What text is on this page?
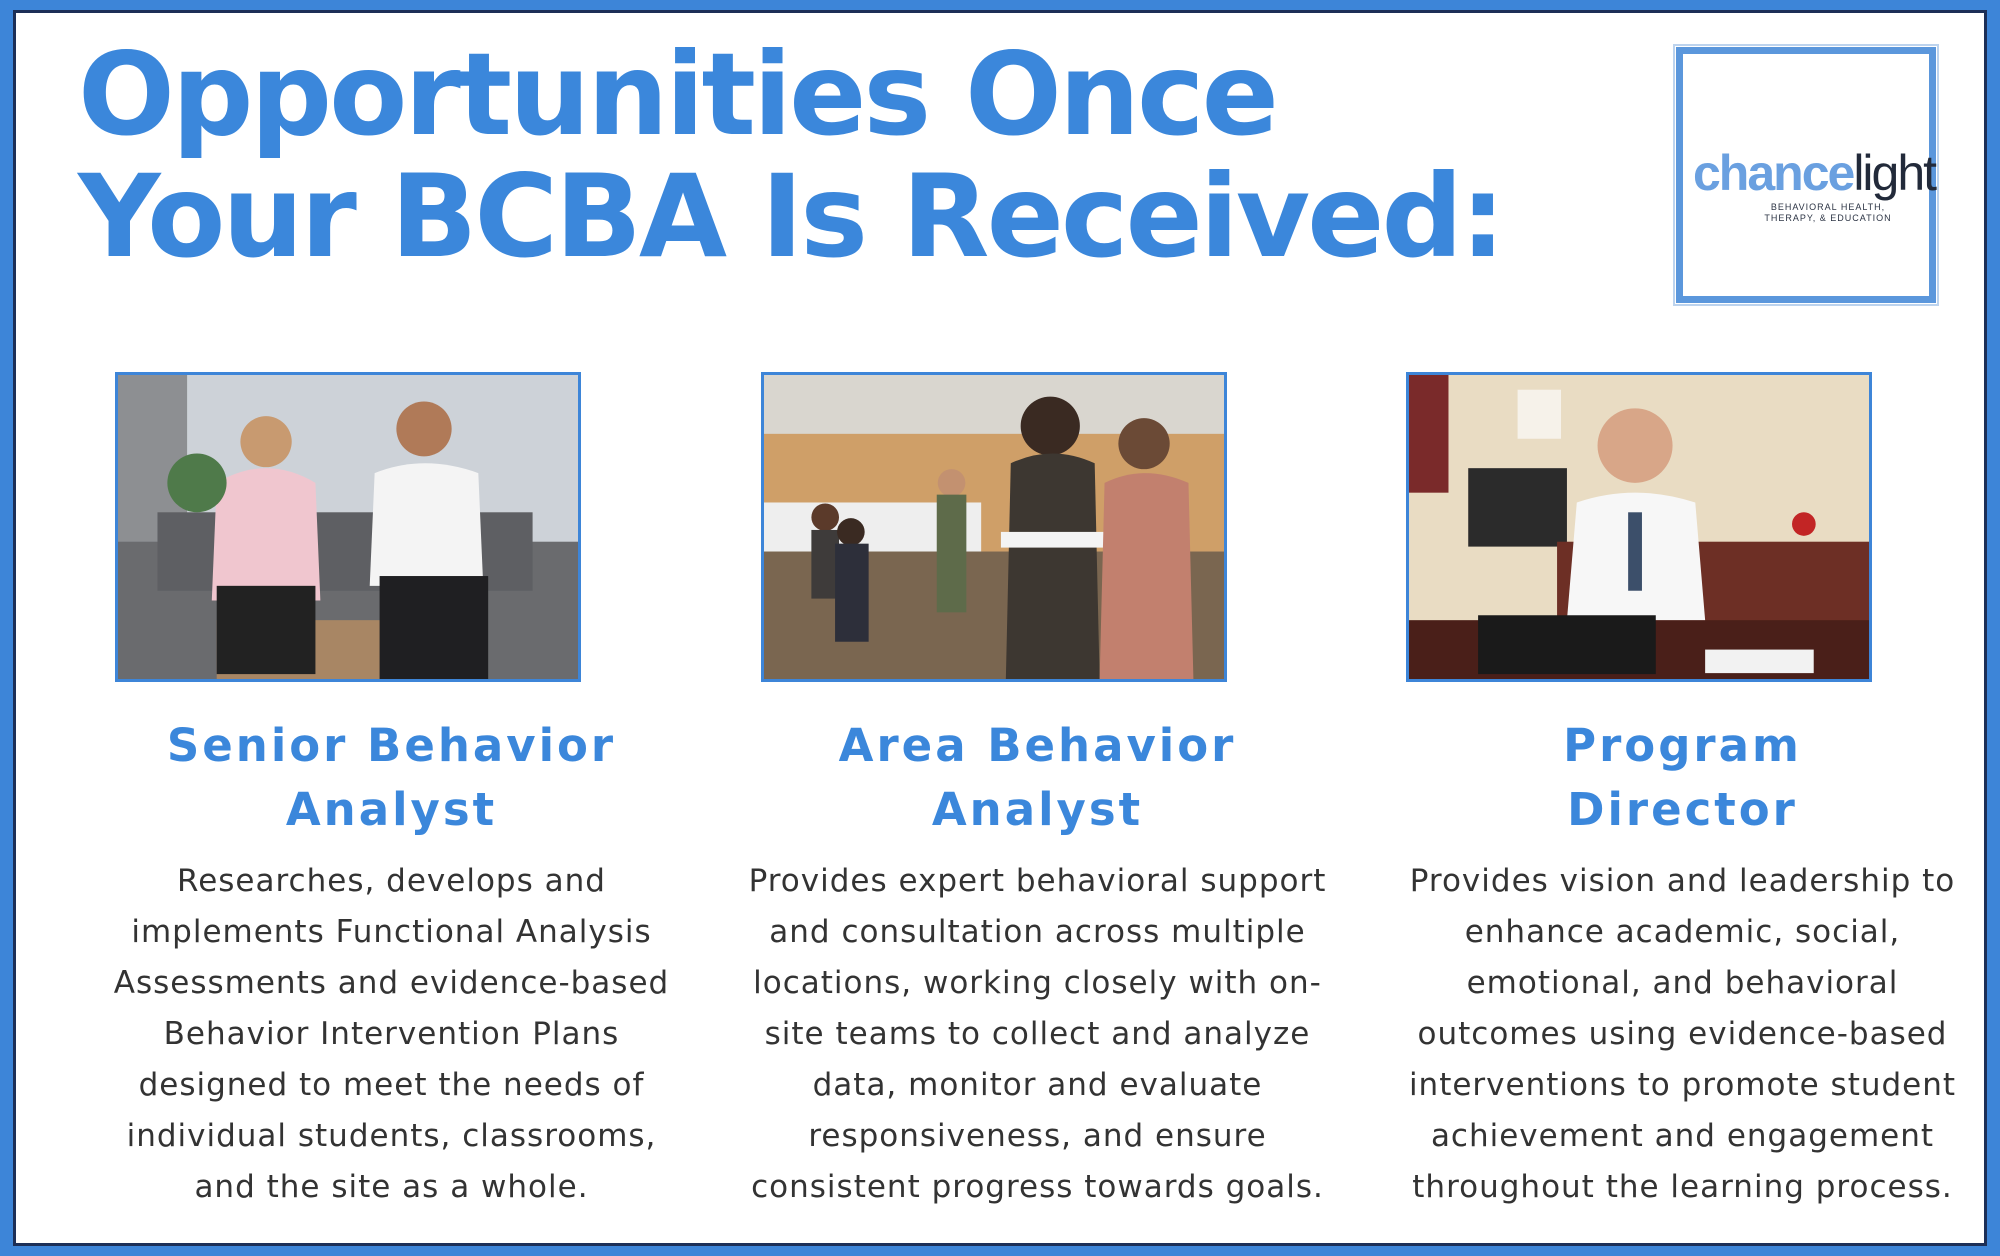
Opportunities Once
Your BCBA Is Received:	chancelight
BEHAVIORAL HEALTH,
THERAPY, & EDUCATION
Senior Behavior
Analyst

Researches, develops and
implements Functional Analysis
Assessments and evidence-based
Behavior Intervention Plans
designed to meet the needs of
individual students, classrooms,
and the site as a whole.

Area Behavior
Analyst

Provides expert behavioral support
and consultation across multiple
locations, working closely with on-
site teams to collect and analyze
data, monitor and evaluate
responsiveness, and ensure
consistent progress towards goals.

Program
Director

Provides vision and leadership to
enhance academic, social,
emotional, and behavioral
outcomes using evidence-based
interventions to promote student
achievement and engagement
throughout the learning process.
